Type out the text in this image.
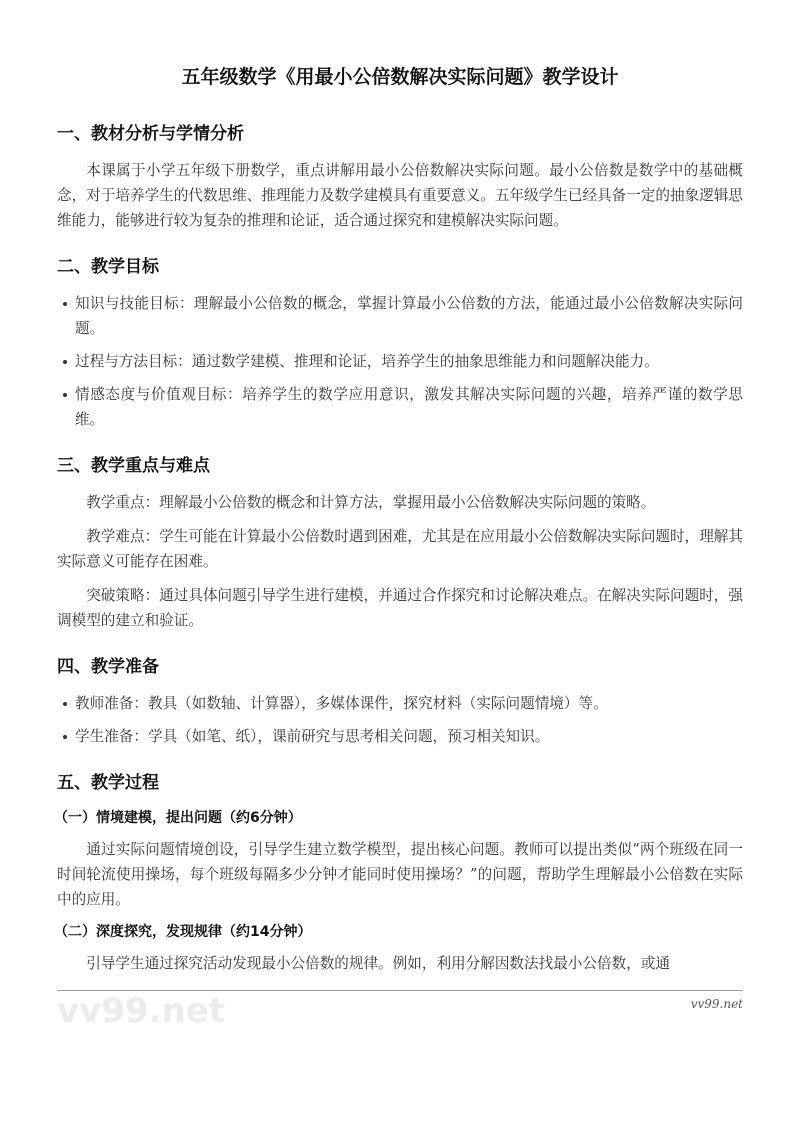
五年级数学《用最小公倍数解决实际问题》教学设计
一、教材分析与学情分析

本课属于小学五年级下册数学，重点讲解用最小公倍数解决实际问题。最小公倍数是数学中的基础概念，对于培养学生的代数思维、推理能力及数学建模具有重要意义。五年级学生已经具备一定的抽象逻辑思维能力，能够进行较为复杂的推理和论证，适合通过探究和建模解决实际问题。

二、教学目标
知识与技能目标：理解最小公倍数的概念，掌握计算最小公倍数的方法，能通过最小公倍数解决实际问题。
过程与方法目标：通过数学建模、推理和论证，培养学生的抽象思维能力和问题解决能力。
情感态度与价值观目标：培养学生的数学应用意识，激发其解决实际问题的兴趣，培养严谨的数学思维。
三、教学重点与难点

教学重点：理解最小公倍数的概念和计算方法，掌握用最小公倍数解决实际问题的策略。

教学难点：学生可能在计算最小公倍数时遇到困难，尤其是在应用最小公倍数解决实际问题时，理解其实际意义可能存在困难。

突破策略：通过具体问题引导学生进行建模，并通过合作探究和讨论解决难点。在解决实际问题时，强调模型的建立和验证。

四、教学准备
教师准备：教具（如数轴、计算器），多媒体课件，探究材料（实际问题情境）等。
学生准备：学具（如笔、纸），课前研究与思考相关问题，预习相关知识。
五、教学过程
（一）情境建模，提出问题（约6分钟）

通过实际问题情境创设，引导学生建立数学模型，提出核心问题。教师可以提出类似“两个班级在同一时间轮流使用操场，每个班级每隔多少分钟才能同时使用操场？”的问题，帮助学生理解最小公倍数在实际中的应用。

（二）深度探究，发现规律（约14分钟）

引导学生通过探究活动发现最小公倍数的规律。例如，利用分解因数法找最小公倍数，或通

vv99.net	vv99.net
